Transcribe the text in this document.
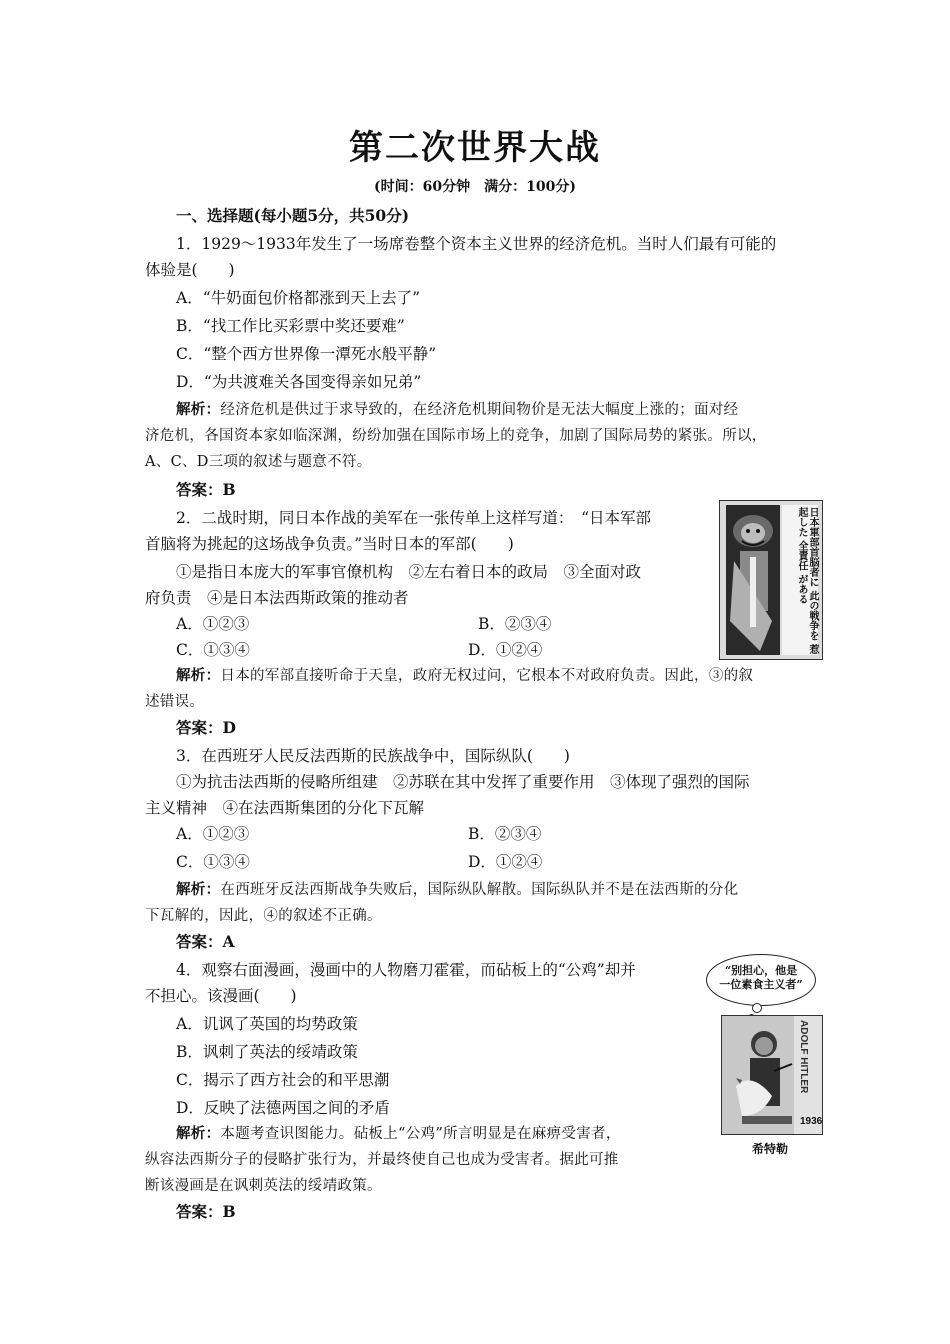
第二次世界大战
(时间：60分钟　满分：100分)
一、选择题(每小题5分，共50分)
1．1929～1933年发生了一场席卷整个资本主义世界的经济危机。当时人们最有可能的
体验是(　　)
A．“牛奶面包价格都涨到天上去了”
B．“找工作比买彩票中奖还要难”
C．“整个西方世界像一潭死水般平静”
D．“为共渡难关各国变得亲如兄弟”
解析：经济危机是供过于求导致的，在经济危机期间物价是无法大幅度上涨的；面对经
济危机，各国资本家如临深渊，纷纷加强在国际市场上的竞争，加剧了国际局势的紧张。所以，
A、C、D三项的叙述与题意不符。
答案：B
2．二战时期，同日本作战的美军在一张传单上这样写道：　“日本军部
首脑将为挑起的这场战争负责。”当时日本的军部(　　)
①是指日本庞大的军事官僚机构　②左右着日本的政局　③全面对政
府负责　④是日本法西斯政策的推动者
A．①②③	B．②③④
C．①③④	D．①②④
解析：日本的军部直接听命于天皇，政府无权过问，它根本不对政府负责。因此，③的叙
述错误。
答案：D
日本軍部首脳者に 此の戦争を 惹起した 全責任 がある
3．在西班牙人民反法西斯的民族战争中，国际纵队(　　)
①为抗击法西斯的侵略所组建　②苏联在其中发挥了重要作用　③体现了强烈的国际
主义精神　④在法西斯集团的分化下瓦解
A．①②③	B．②③④
C．①③④	D．①②④
解析：在西班牙反法西斯战争失败后，国际纵队解散。国际纵队并不是在法西斯的分化
下瓦解的，因此，④的叙述不正确。
答案：A
4．观察右面漫画，漫画中的人物磨刀霍霍，而砧板上的“公鸡”却并
不担心。该漫画(　　)
A．讥讽了英国的均势政策
B．讽刺了英法的绥靖政策
C．揭示了西方社会的和平思潮
D．反映了法德两国之间的矛盾
解析：本题考查识图能力。砧板上“公鸡”所言明显是在麻痹受害者，
纵容法西斯分子的侵略扩张行为，并最终使自己也成为受害者。据此可推
断该漫画是在讽刺英法的绥靖政策。
答案：B
“别担心，他是
一位素食主义者”
ADOLF HITLER
1936
希特勒
